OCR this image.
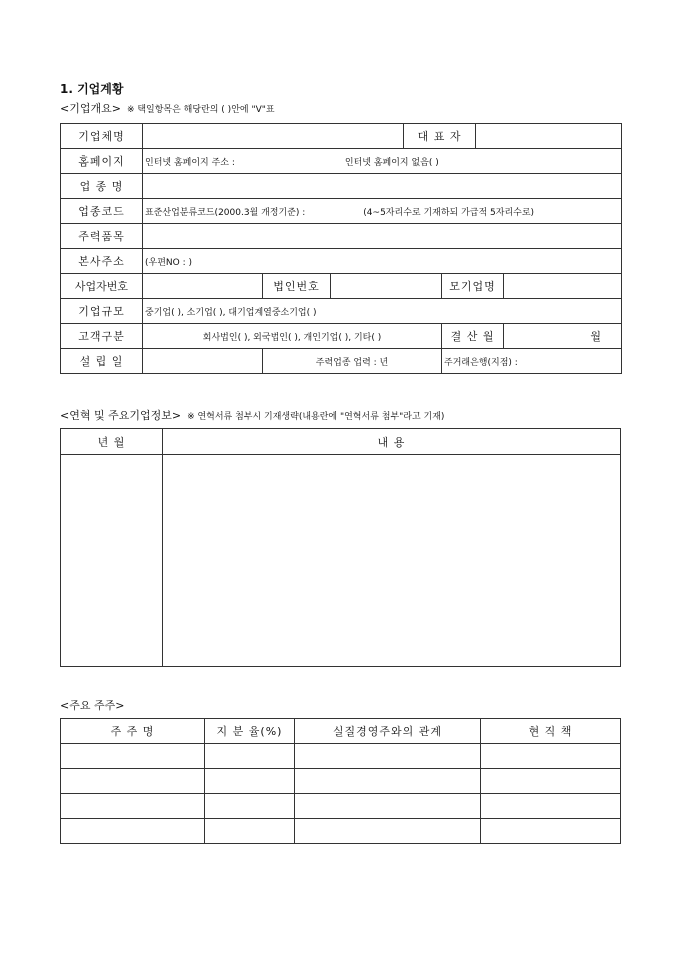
1. 기업계황
<기업개요> ※ 택일항목은 해당란의 ( )안에 "V"표
기업체명				대 표 자			
홈페이지	인터넷 홈페이지 주소 : 인터넷 홈페이지 없음( )						
업 종 명							
업종코드	표준산업분류코드(2000.3월 개정기준) : (4~5자리수로 기재하되 가급적 5자리수로)						
주력품목							
본사주소	(우편NO : )						
사업자번호		법인번호			모기업명		
기업규모	중기업( ), 소기업( ), 대기업계열중소기업( )						
고객구분	회사법인( ), 외국법인( ), 개인기업( ), 기타( )				결 산 월		월
설 립 일		주력업종 업력 : 년			주거래은행(지점) :		
<연혁 및 주요기업정보> ※ 연혁서류 첨부시 기재생략(내용란에 "연혁서류 첨부"라고 기재)
년 월	내 용

<주요 주주>
주 주 명	지 분 율(%)	실질경영주와의 관계	현 직 책
